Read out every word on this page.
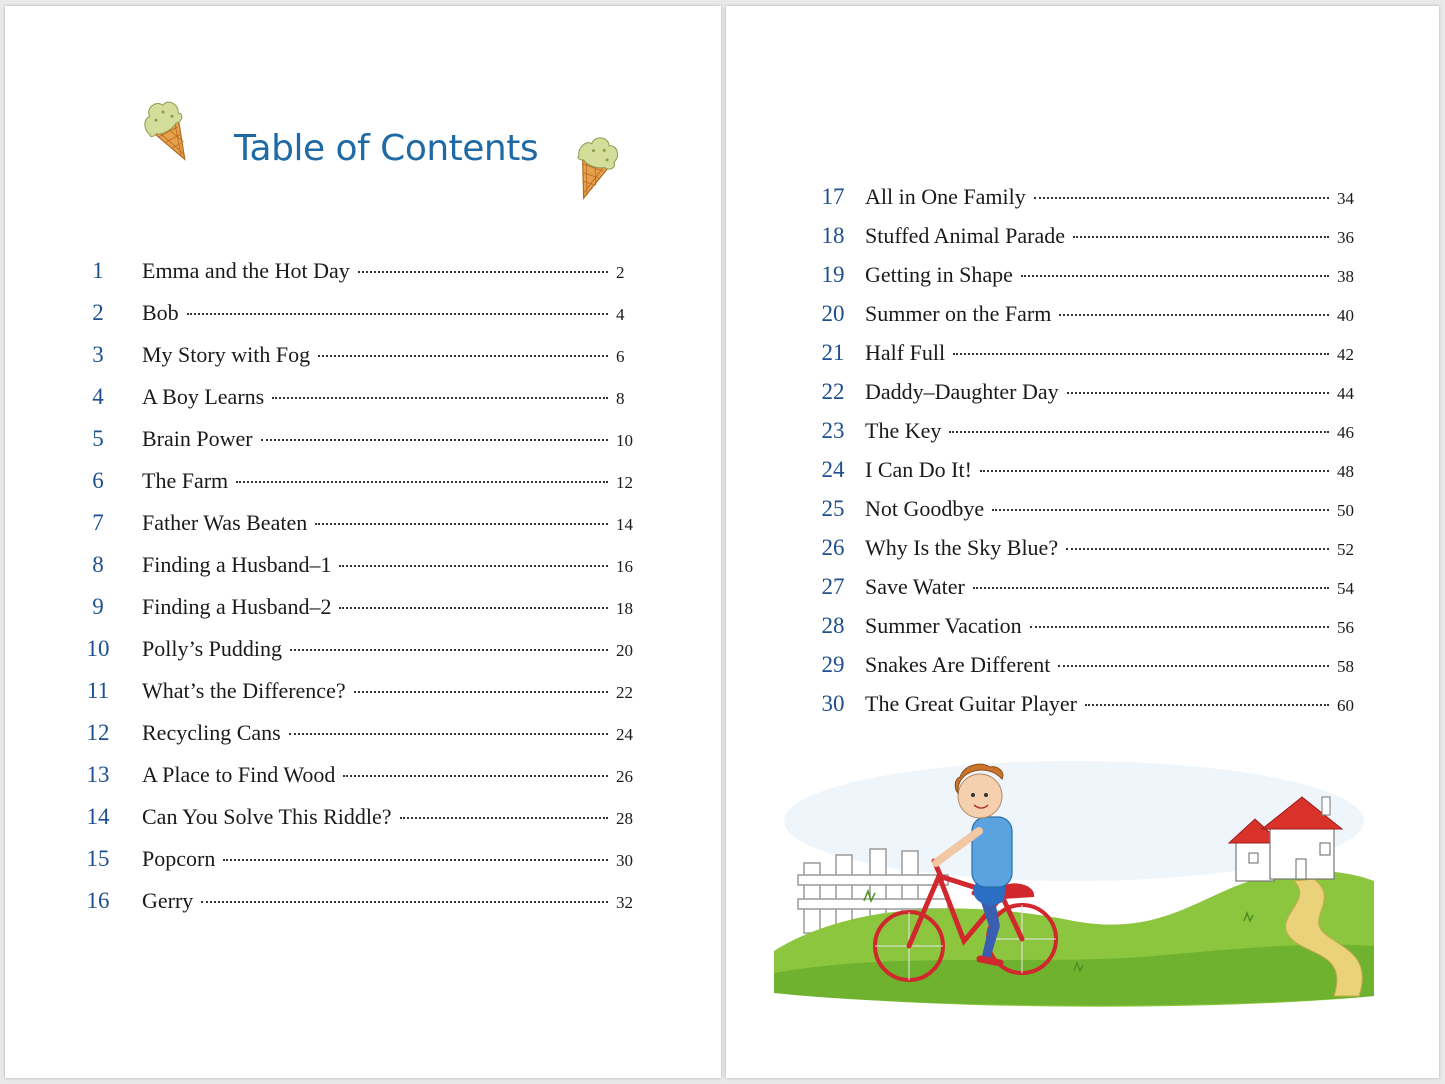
Table of Contents
1	Emma and the Hot Day	2
2	Bob	4
3	My Story with Fog	6
4	A Boy Learns	8
5	Brain Power	10
6	The Farm	12
7	Father Was Beaten	14
8	Finding a Husband–1	16
9	Finding a Husband–2	18
10	Polly’s Pudding	20
11	What’s the Difference?	22
12	Recycling Cans	24
13	A Place to Find Wood	26
14	Can You Solve This Riddle?	28
15	Popcorn	30
16	Gerry	32
17 All in One Family	34
18 Stuffed Animal Parade	36
19 Getting in Shape	38
20 Summer on the Farm	40
21 Half Full	42
22 Daddy–Daughter Day	44
23 The Key	46
24 I Can Do It!	48
25 Not Goodbye	50
26 Why Is the Sky Blue?	52
27 Save Water	54
28 Summer Vacation	56
29 Snakes Are Different	58
30 The Great Guitar Player	60
